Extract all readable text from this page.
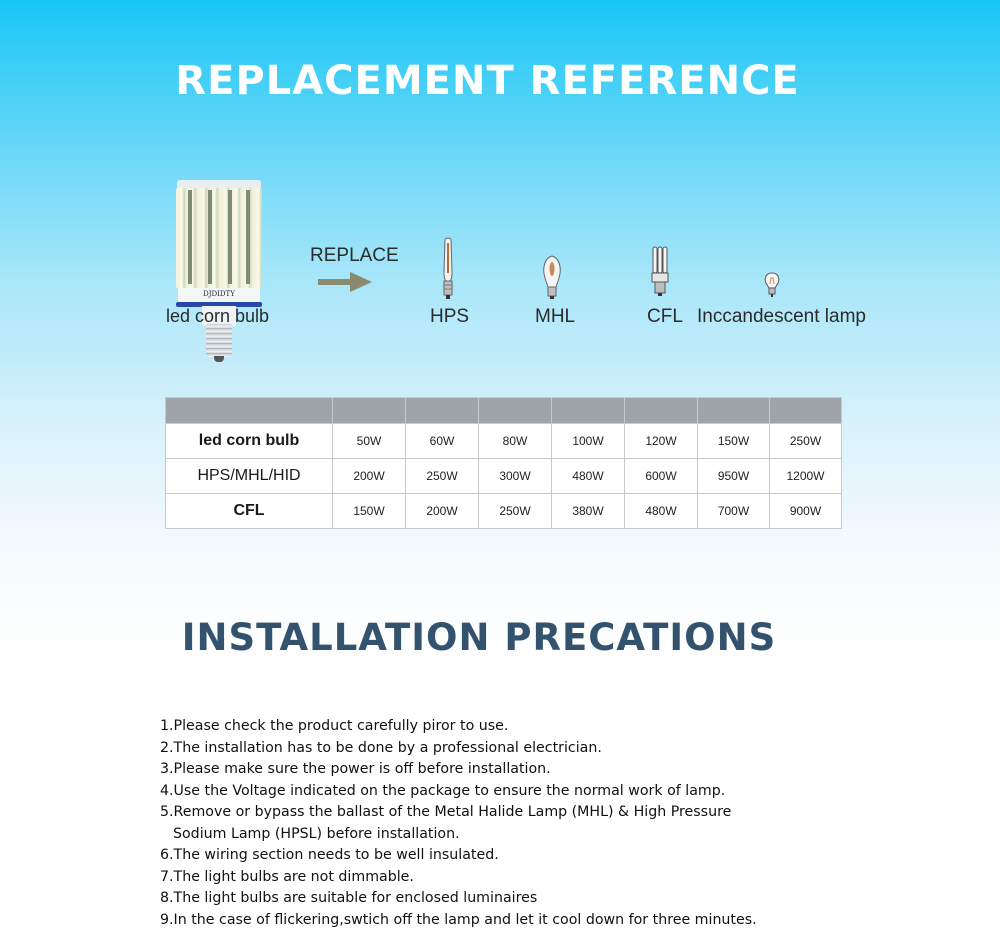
REPLACEMENT REFERENCE
DJDIDTY
led corn bulb
REPLACE
HPS	MHL	CFL Inccandescent lamp

led corn bulb	50W	60W	80W	100W	120W	150W	250W
HPS/MHL/HID	200W	250W	300W	480W	600W	950W	1200W
CFL	150W	200W	250W	380W	480W	700W	900W
INSTALLATION PRECATIONS
1.Please check the product carefully piror to use.
2.The installation has to be done by a professional electrician.
3.Please make sure the power is off before installation.
4.Use the Voltage indicated on the package to ensure the normal work of lamp.
5.Remove or bypass the ballast of the Metal Halide Lamp (MHL) & High Pressure
Sodium Lamp (HPSL) before installation.
6.The wiring section needs to be well insulated.
7.The light bulbs are not dimmable.
8.The light bulbs are suitable for enclosed luminaires
9.In the case of flickering,swtich off the lamp and let it cool down for three minutes.
